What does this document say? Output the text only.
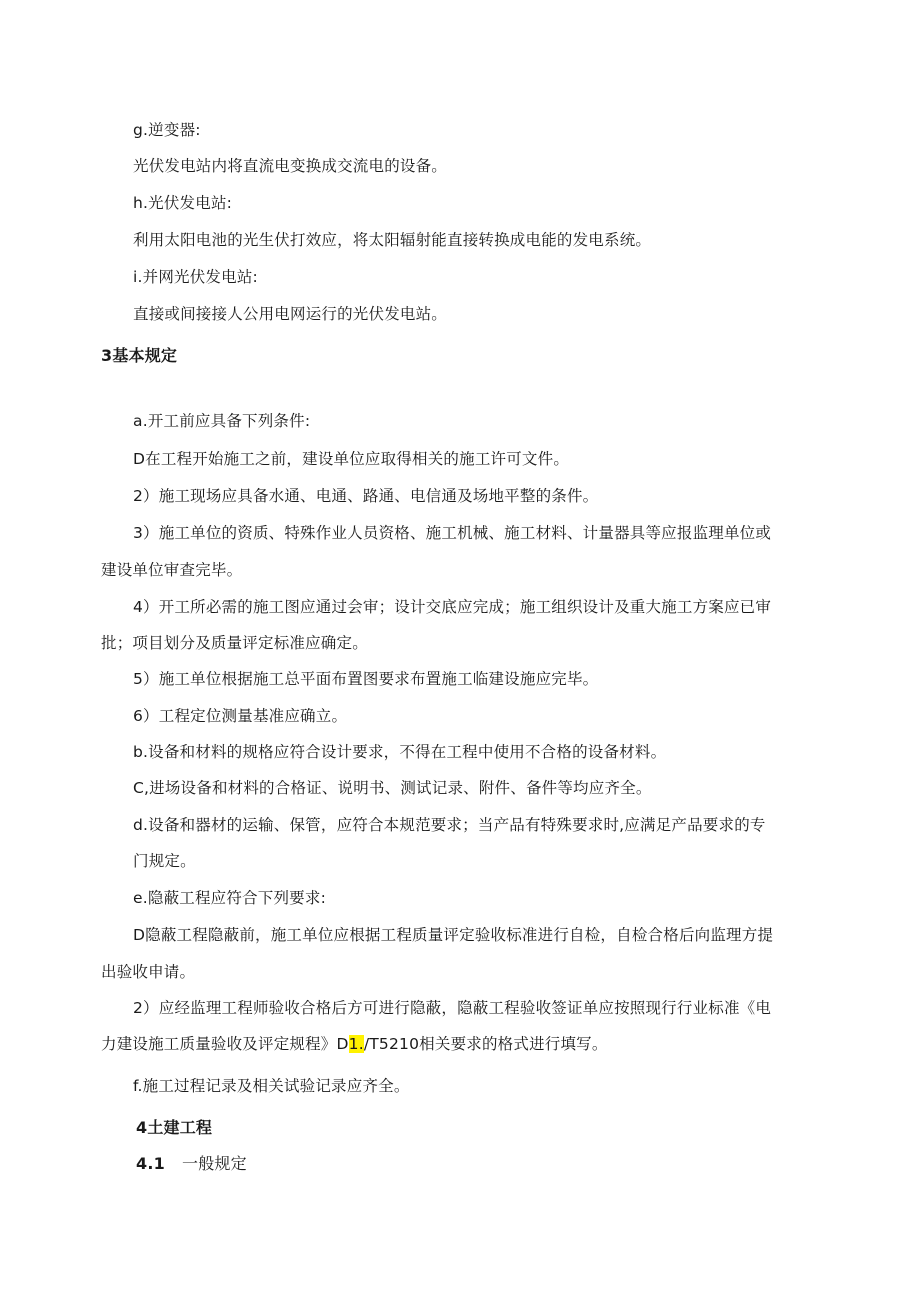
g.逆变器:
光伏发电站内将直流电变换成交流电的设备。
h.光伏发电站:
利用太阳电池的光生伏打效应，将太阳辐射能直接转换成电能的发电系统。
i.并网光伏发电站:
直接或间接接人公用电网运行的光伏发电站。
3基本规定
a.开工前应具备下列条件:
D在工程开始施工之前，建设单位应取得相关的施工许可文件。
2）施工现场应具备水通、电通、路通、电信通及场地平整的条件。
3）施工单位的资质、特殊作业人员资格、施工机械、施工材料、计量器具等应报监理单位或
建设单位审查完毕。
4）开工所必需的施工图应通过会审；设计交底应完成；施工组织设计及重大施工方案应已审
批；项目划分及质量评定标准应确定。
5）施工单位根据施工总平面布置图要求布置施工临建设施应完毕。
6）工程定位测量基准应确立。
b.设备和材料的规格应符合设计要求，不得在工程中使用不合格的设备材料。
C,进场设备和材料的合格证、说明书、测试记录、附件、备件等均应齐全。
d.设备和器材的运输、保管，应符合本规范要求；当产品有特殊要求时,应满足产品要求的专
门规定。
e.隐蔽工程应符合下列要求:
D隐蔽工程隐蔽前，施工单位应根据工程质量评定验收标准进行自检，自检合格后向监理方提
出验收申请。
2）应经监理工程师验收合格后方可进行隐蔽，隐蔽工程验收签证单应按照现行行业标准《电
力建设施工质量验收及评定规程》D1./T5210相关要求的格式进行填写。
f.施工过程记录及相关试验记录应齐全。
4土建工程
4.1 一般规定
